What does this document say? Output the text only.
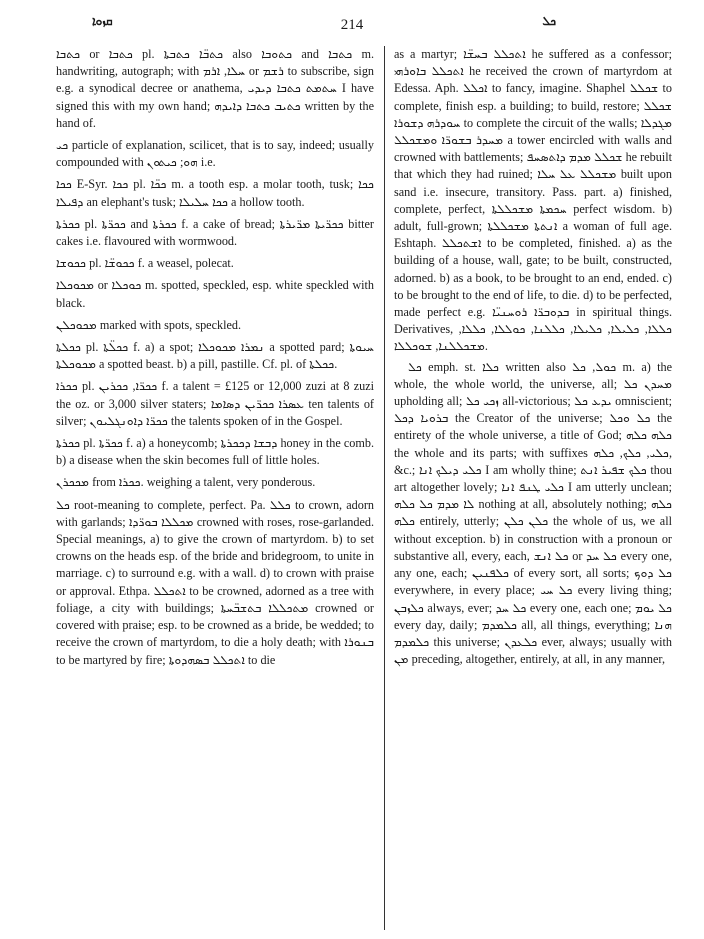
ܩܙܘܐ	214	ܟܠ

ܟܬܒܐ or ܟܬܒܐ pl. ܟܬܒ̈ܐ ܟܬܒܬܐ also ܟܬܘܒܐ and ܟܬܒܐ m. handwriting, autograph; with ܚܠܐ, ܐܪܡ or ܪܫܡ to subscribe, sign e.g. a synodical decree or anathema, ܚܬܡܬ ܟܬܒܐ ܕܝܕܝ I have signed this with my own hand; ܟܬܝܒ ܟܬܒܐ ܕܐܝܕܗ written by the hand of.

ܟܝ particle of explanation, scilicet, that is to say, indeed; usually compounded with ܗܘ; ܟܝܬܘܢ i.e.

ܟܟܐ E-Syr. ܟܟܐ pl. ܟܟ̈ܐ m. a tooth esp. a molar tooth, tusk; ܟܟܐ ܕܦܝܠܐ an elephant's tusk; ܟܟܐ ܚܠܝܠܐ a hollow tooth.

ܟܟܪܬܐ pl. ܟܟܪ̈ܬܐ and ܟܟܪܬܐ f. a cake of bread; ܟܟܪ̈ܝܬܐ ܡܪ̈ܝܪܬܐ bitter cakes i.e. flavoured with wormwood.

ܟܟܘܫܐ pl. ܟܟܘܫ̈ܐ f. a weasel, polecat.

ܡܟܘܟܠܐ or ܟܘܟܠܐ m. spotted, speckled, esp. white speckled with black.

ܡܟܘܟܠܢ marked with spots, speckled.

ܟܟܠܬܐ pl. ܟܟܠ̈ܬܐ f. a) a spot; ܢܡܪܐ ܡܟܘܟܠܐ a spotted pard; ܚܝܘܬܐ ܡܟܘܟܠܬܐ a spotted beast. b) a pill, pastille. Cf. pl. of ܟܟܠܬܐ.

ܟܟܪܐ pl. ܟܟܪ̈ܐ, ܟܟܪܝܢ f. a talent = £125 or 12,000 zuzi at 8 zuzi the oz. or 3,000 silver staters; ܥܣܪܐ ܟܟܪ̈ܝܢ ܕܣܐܡܐ ten talents of silver; ܟܟܪ̈ܐ ܕܐܘܢܓܠܝܘܢ the talents spoken of in the Gospel.

ܟܟܪܬܐ pl. ܟܟܪ̈ܬܐ f. a) a honeycomb; ܕܒܫܐ ܕܟܟܪܬܐ honey in the comb. b) a disease when the skin becomes full of little holes.

ܡܟܟܪܢ from ܟܟܪܐ. weighing a talent, very ponderous.

ܟܠ root-meaning to complete, perfect. Pa. ܟܠܠ to crown, adorn with garlands; ܡܟܠܠܐ ܒܘܪ̈ܕܐ crowned with roses, rose-garlanded. Special meanings, a) to give the crown of martyrdom. b) to set crowns on the heads esp. of the bride and bridegroom, to unite in marriage. c) to surround e.g. with a wall. d) to crown with praise or approval. Ethpa. ܐܬܟܠܠ to be crowned, adorned as a tree with foliage, a city with buildings; ܡܬܟܠܠܐ ܒܬܫܒ̈ܚܬܐ crowned or covered with praise; esp. to be crowned as a bride, be wedded; to receive the crown of martyrdom, to die a holy death; with ܒܢܘܪܐ to be martyred by fire; ܐܬܟܠܠ ܒܣܗܕܘܬܐ to die

as a martyr; ܐܬܟܠܠ ܒܚܫ̈ܐ he suffered as a confessor; ܐܬܟܠܠ ܒܐܘܪܗܝ he received the crown of martyrdom at Edessa. Aph. ܐܟܠܠ to fancy, imagine. Shaphel ܫܟܠܠ to complete, finish esp. a building; to build, restore; ܫܟܠܠ ܚܘܕܪܗ ܕܫܘܪܐ to complete the circuit of the walls; ܡܓܕܠܐ ܡܚܕܪ ܒܫܘܪ̈ܐ ܘܡܫܟܠܠ a tower encircled with walls and crowned with battlements; ܫܟܠܠ ܡܕܡ ܕܐܬܣܚܦ he rebuilt that which they had ruined; ܡܫܟܠܠ ܥܠ ܚܠܐ built upon sand i.e. insecure, transitory. Pass. part. a) finished, complete, perfect, ܚܟܡܬܐ ܡܫܟܠܠܬܐ perfect wisdom. b) adult, full-grown; ܐܢܬܬܐ ܡܫܟܠܠܬܐ a woman of full age. Eshtaph. ܐܫܬܟܠܠ to be completed, finished. a) as the building of a house, wall, gate; to be built, constructed, adorned. b) as a book, to be brought to an end, ended. c) to be brought to the end of life, to die. d) to be perfected, made perfect e.g. ܒܕܘܒܪ̈ܐ ܪܘܚܢܝ̈ܐ in spiritual things. Derivatives, ܟܠܠܐ, ܟܠܝܠܐ, ܟܠܝܠܐ, ܟܠܠܢܐ, ܟܘܠܠܐ, ܟܠܠܐ, ܡܫܟܠܠܢܐ, ܫܘܟܠܠܐ.

ܟܠ emph. st. ܟܠܐ written also ܟܘܠ, ܟܠ m. a) the whole, the whole world, the universe, all; ܡܚܕܢ ܟܠ upholding all; ܙܟܝ ܟܠ all-victorious; ܝܕܥ ܟܠ omniscient; ܒܪܘܝܐ ܕܟܠ the Creator of the universe; ܟܠ ܘܟܠ the entirety of the whole universe, a title of God; ܟܠܗ ܟܠܗ the whole and its parts; with suffixes ܟܠܝ, ܟܠܟ, ܟܠܗ, &c.; ܟܠܝ ܕܝܠܟ ܐܢܐ I am wholly thine; ܟܠܟ ܫܦܝܪ ܐܢܬ thou art altogether lovely; ܟܠܝ ܛܢܦ ܐܢܐ I am utterly unclean; ܠܐ ܡܕܡ ܟܠ ܟܠܗ nothing at all, absolutely nothing; ܟܠܗ ܟܠܗ entirely, utterly; ܟܠܢ ܟܠܢ the whole of us, we all without exception. b) in construction with a pronoun or substantive all, every, each, ܟܠ ܐܢܫ or ܟܠ ܚܕ every one, any one, each; ܟܠܦܢܝܢ of every sort, all sorts; ܟܠ ܕܘܟ everywhere, in every place; ܟܠ ܚܝ every living thing; ܟܠܙܒܢ always, ever; ܟܠ ܚܕ every one, each one; ܟܠ ܝܘܡ every day, daily; ܟܠܡܕܡ all, all things, everything; ܗܢܐ ܟܠܡܕܡ this universe; ܟܠܥܕܢ ever, always; usually with ܡܢ preceding, altogether, entirely, at all, in any manner,
